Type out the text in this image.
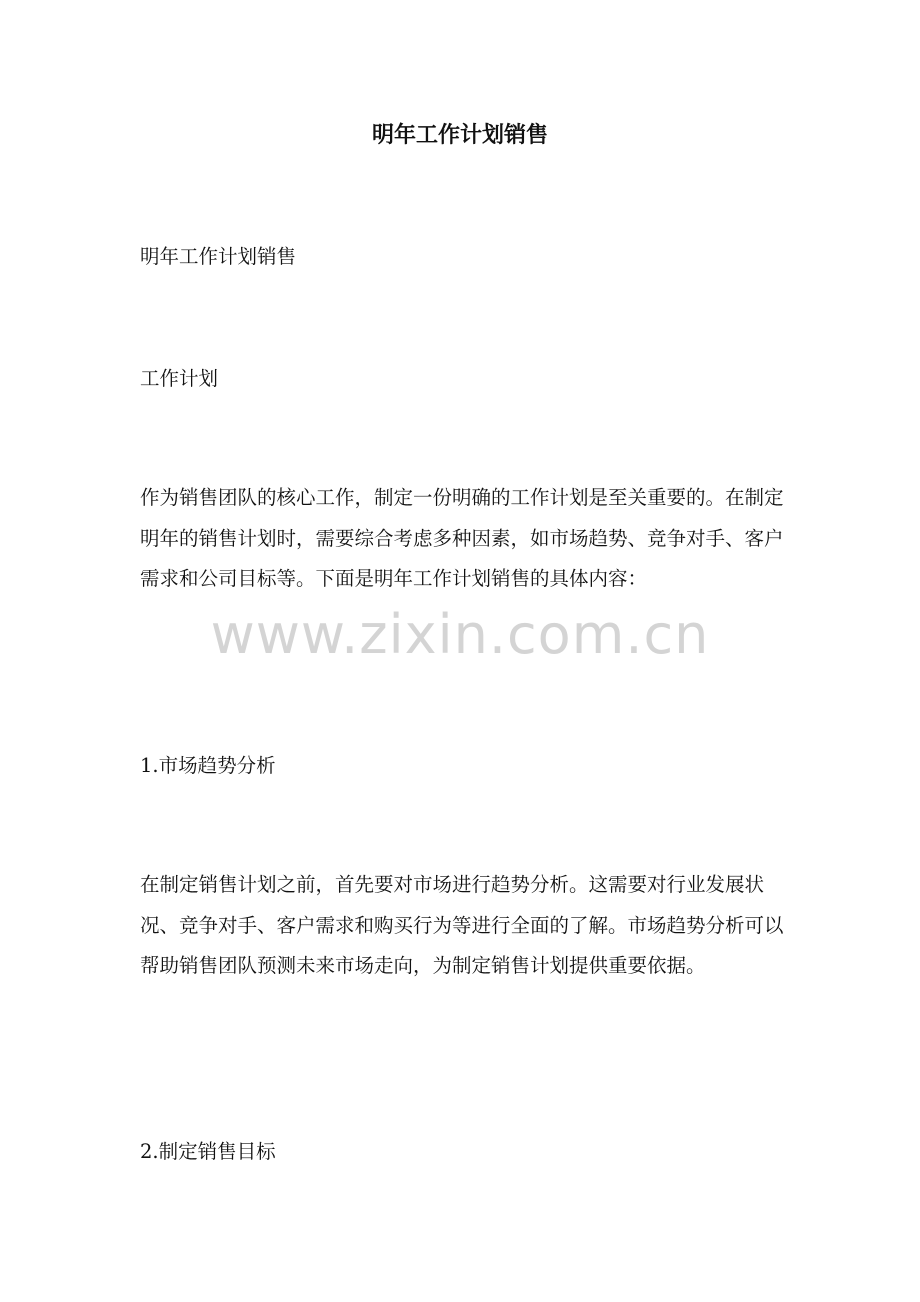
明年工作计划销售

明年工作计划销售

工作计划

作为销售团队的核心工作，制定一份明确的工作计划是至关重要的。在制定明年的销售计划时，需要综合考虑多种因素，如市场趋势、竞争对手、客户需求和公司目标等。下面是明年工作计划销售的具体内容：

1.市场趋势分析

在制定销售计划之前，首先要对市场进行趋势分析。这需要对行业发展状况、竞争对手、客户需求和购买行为等进行全面的了解。市场趋势分析可以帮助销售团队预测未来市场走向，为制定销售计划提供重要依据。

2.制定销售目标

www.zixin.com.cn
